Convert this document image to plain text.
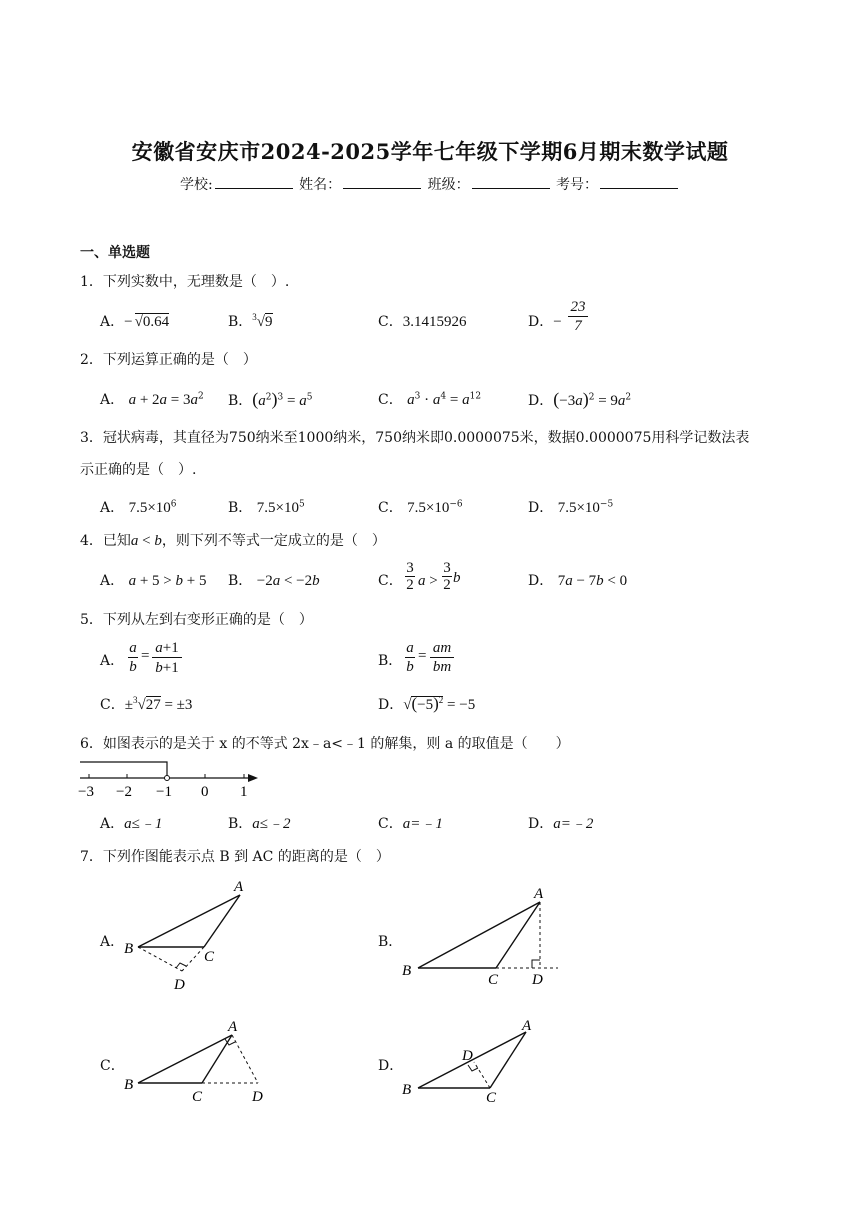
安徽省安庆市2024-2025学年七年级下学期6月期末数学试题
学校:	姓名：	班级：	考号：
一、单选题
1．下列实数中，无理数是（　）.
A．− √0.64	B．$^3$√9	C．3.1415926	D．−
23

7
2．下列运算正确的是（　）
A． $a + 2a = 3a^2$ B．$(a^2)^3 = a^5$	C． $a^3 \cdot a^4 = a^{12}$	D．$(-3a)^2 = 9a^2$
3．冠状病毒，其直径为750纳米至1000纳米，750纳米即0.0000075米，数据0.0000075用科学记数法表
示正确的是（　）.
A． $7.5\times 10^6$	B． $7.5\times 10^5$	C． $7.5\times 10^{-6}$	D． $7.5\times 10^{-5}$
4．已知a < b，则下列不等式一定成立的是（　）
A． a + 5 > b + 5 B． −2a < −2b	C．
3

2 a >
3

2 b	D． 7a − 7b < 0
5．下列从左到右变形正确的是（　）
A．
a

b
= a+1

b+1	B．
a

b
= am

bm
C．±$^3$√27 = ±3	D．$√(-5)^2 = -5$
6．如图表示的是关于 x 的不等式 2x﹣a<﹣1 的解集，则 a 的取值是（　　）
−3 −2 −1 0 1
A．a≤﹣1	B．a≤﹣2	C．a=﹣1	D．a=﹣2
7．下列作图能表示点 B 到 AC 的距离的是（　）
A．
A
B	C
D
B．
A
B
C D
C．
A
B
C	D
D．
A
B	C
D
